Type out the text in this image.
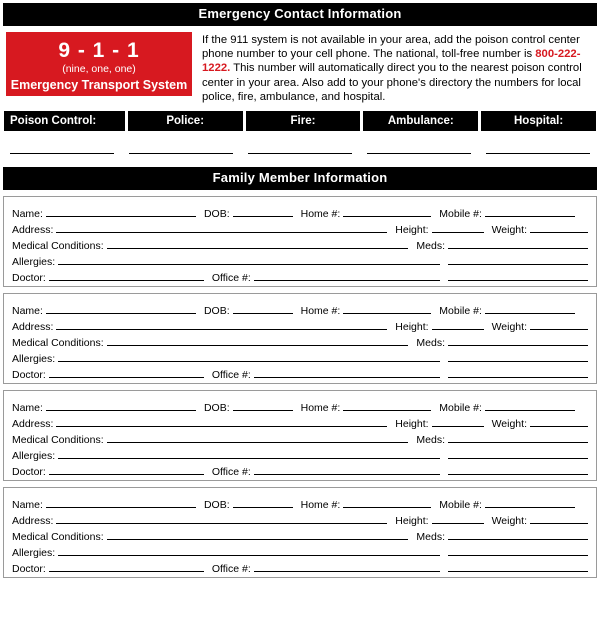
Emergency Contact Information
9 - 1 - 1
(nine, one, one)
Emergency Transport System
If the 911 system is not available in your area, add the poison control center phone number to your cell phone. The national, toll-free number is 800-222-1222. This number will automatically direct you to the nearest poison control center in your area. Also add to your phone's directory the numbers for local police, fire, ambulance, and hospital.
Poison Control:	Police:	Fire:	Ambulance:	Hospital:
Family Member Information
Name:	DOB:	Home #:	Mobile #:
Address:	Height:	Weight:
Medical Conditions:	Meds:
Allergies:
Doctor:	Office #:
Name:	DOB:	Home #:	Mobile #:
Address:	Height:	Weight:
Medical Conditions:	Meds:
Allergies:
Doctor:	Office #:
Name:	DOB:	Home #:	Mobile #:
Address:	Height:	Weight:
Medical Conditions:	Meds:
Allergies:
Doctor:	Office #:
Name:	DOB:	Home #:	Mobile #:
Address:	Height:	Weight:
Medical Conditions:	Meds:
Allergies:
Doctor:	Office #:
